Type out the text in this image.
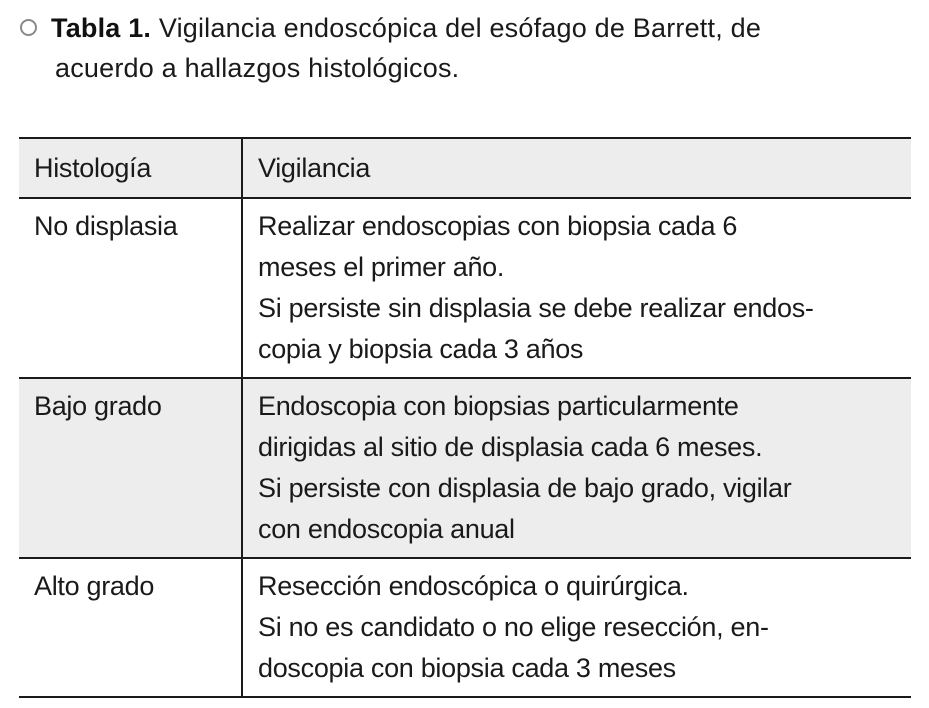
Tabla 1. Vigilancia endoscópica del esófago de Barrett, de
acuerdo a hallazgos histológicos.
Histología	Vigilancia
No displasia	Realizar endoscopias con biopsia cada 6
meses el primer año.
Si persiste sin displasia se debe realizar endos-
copia y biopsia cada 3 años

Bajo grado	Endoscopia con biopsias particularmente
dirigidas al sitio de displasia cada 6 meses.
Si persiste con displasia de bajo grado, vigilar
con endoscopia anual

Alto grado	Resección endoscópica o quirúrgica.
Si no es candidato o no elige resección, en-
doscopia con biopsia cada 3 meses
